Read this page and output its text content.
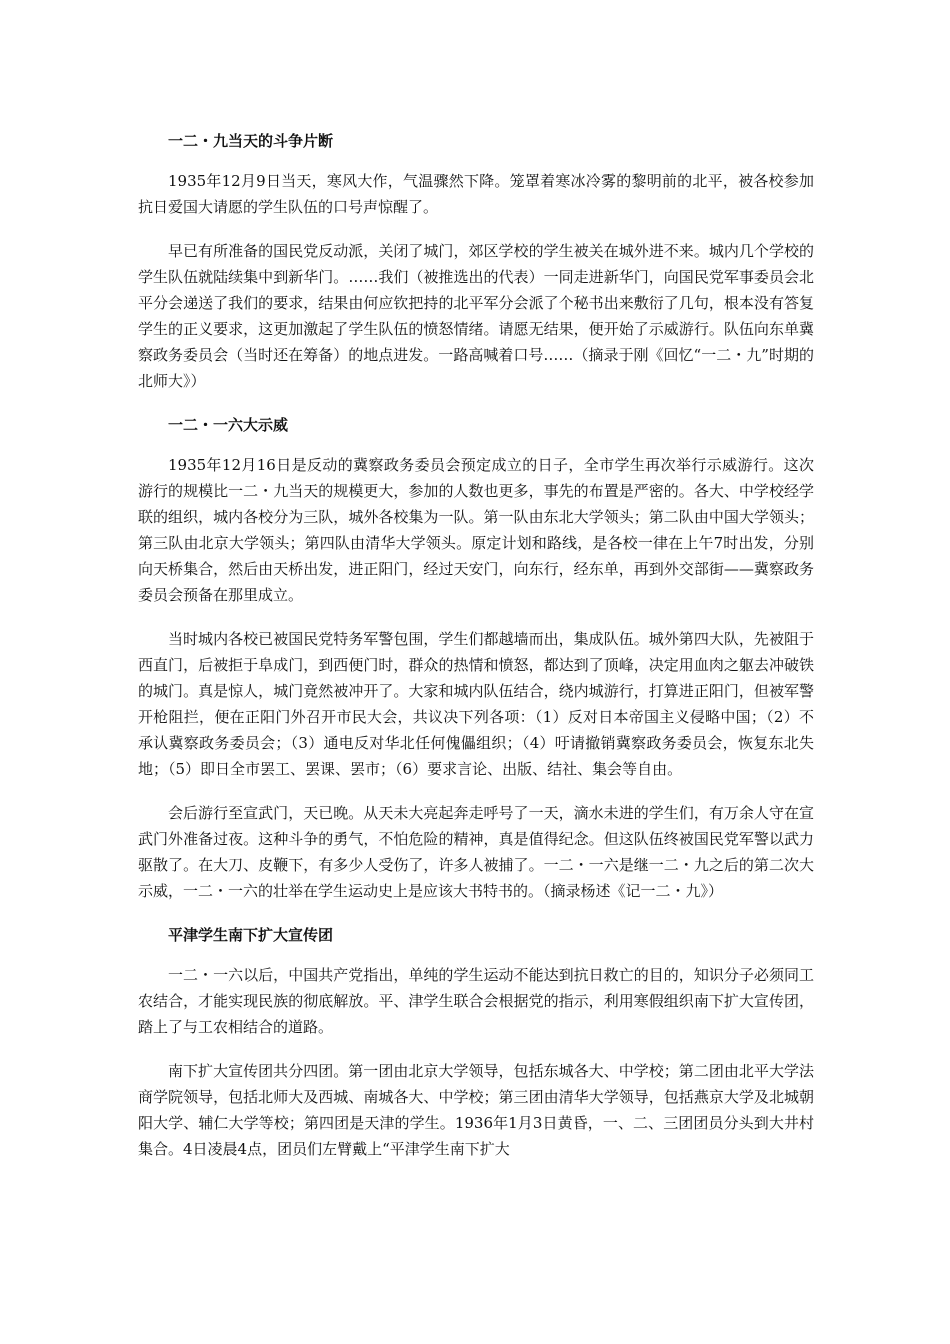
一二・九当天的斗争片断

1935年12月9日当天，寒风大作，气温骤然下降。笼罩着寒冰冷雾的黎明前的北平，被各校参加抗日爱国大请愿的学生队伍的口号声惊醒了。

早已有所准备的国民党反动派，关闭了城门，郊区学校的学生被关在城外进不来。城内几个学校的学生队伍就陆续集中到新华门。……我们（被推选出的代表）一同走进新华门，向国民党军事委员会北平分会递送了我们的要求，结果由何应钦把持的北平军分会派了个秘书出来敷衍了几句，根本没有答复学生的正义要求，这更加激起了学生队伍的愤怒情绪。请愿无结果，便开始了示威游行。队伍向东单冀察政务委员会（当时还在筹备）的地点进发。一路高喊着口号……（摘录于刚《回忆“一二・九”时期的北师大》）

一二・一六大示威

1935年12月16日是反动的冀察政务委员会预定成立的日子，全市学生再次举行示威游行。这次游行的规模比一二・九当天的规模更大，参加的人数也更多，事先的布置是严密的。各大、中学校经学联的组织，城内各校分为三队，城外各校集为一队。第一队由东北大学领头；第二队由中国大学领头；第三队由北京大学领头；第四队由清华大学领头。原定计划和路线，是各校一律在上午7时出发，分别向天桥集合，然后由天桥出发，进正阳门，经过天安门，向东行，经东单，再到外交部街——冀察政务委员会预备在那里成立。

当时城内各校已被国民党特务军警包围，学生们都越墙而出，集成队伍。城外第四大队，先被阻于西直门，后被拒于阜成门，到西便门时，群众的热情和愤怒，都达到了顶峰，决定用血肉之躯去冲破铁的城门。真是惊人，城门竟然被冲开了。大家和城内队伍结合，绕内城游行，打算进正阳门，但被军警开枪阻拦，便在正阳门外召开市民大会，共议决下列各项：（1）反对日本帝国主义侵略中国；（2）不承认冀察政务委员会；（3）通电反对华北任何傀儡组织；（4）吁请撤销冀察政务委员会，恢复东北失地；（5）即日全市罢工、罢课、罢市；（6）要求言论、出版、结社、集会等自由。

会后游行至宣武门，天已晚。从天未大亮起奔走呼号了一天，滴水未进的学生们，有万余人守在宣武门外准备过夜。这种斗争的勇气，不怕危险的精神，真是值得纪念。但这队伍终被国民党军警以武力驱散了。在大刀、皮鞭下，有多少人受伤了，许多人被捕了。一二・一六是继一二・九之后的第二次大示威，一二・一六的壮举在学生运动史上是应该大书特书的。（摘录杨述《记一二・九》）

平津学生南下扩大宣传团

一二・一六以后，中国共产党指出，单纯的学生运动不能达到抗日救亡的目的，知识分子必须同工农结合，才能实现民族的彻底解放。平、津学生联合会根据党的指示，利用寒假组织南下扩大宣传团，踏上了与工农相结合的道路。

南下扩大宣传团共分四团。第一团由北京大学领导，包括东城各大、中学校；第二团由北平大学法商学院领导，包括北师大及西城、南城各大、中学校；第三团由清华大学领导，包括燕京大学及北城朝阳大学、辅仁大学等校；第四团是天津的学生。1936年1月3日黄昏，一、二、三团团员分头到大井村集合。4日凌晨4点，团员们左臂戴上“平津学生南下扩大
